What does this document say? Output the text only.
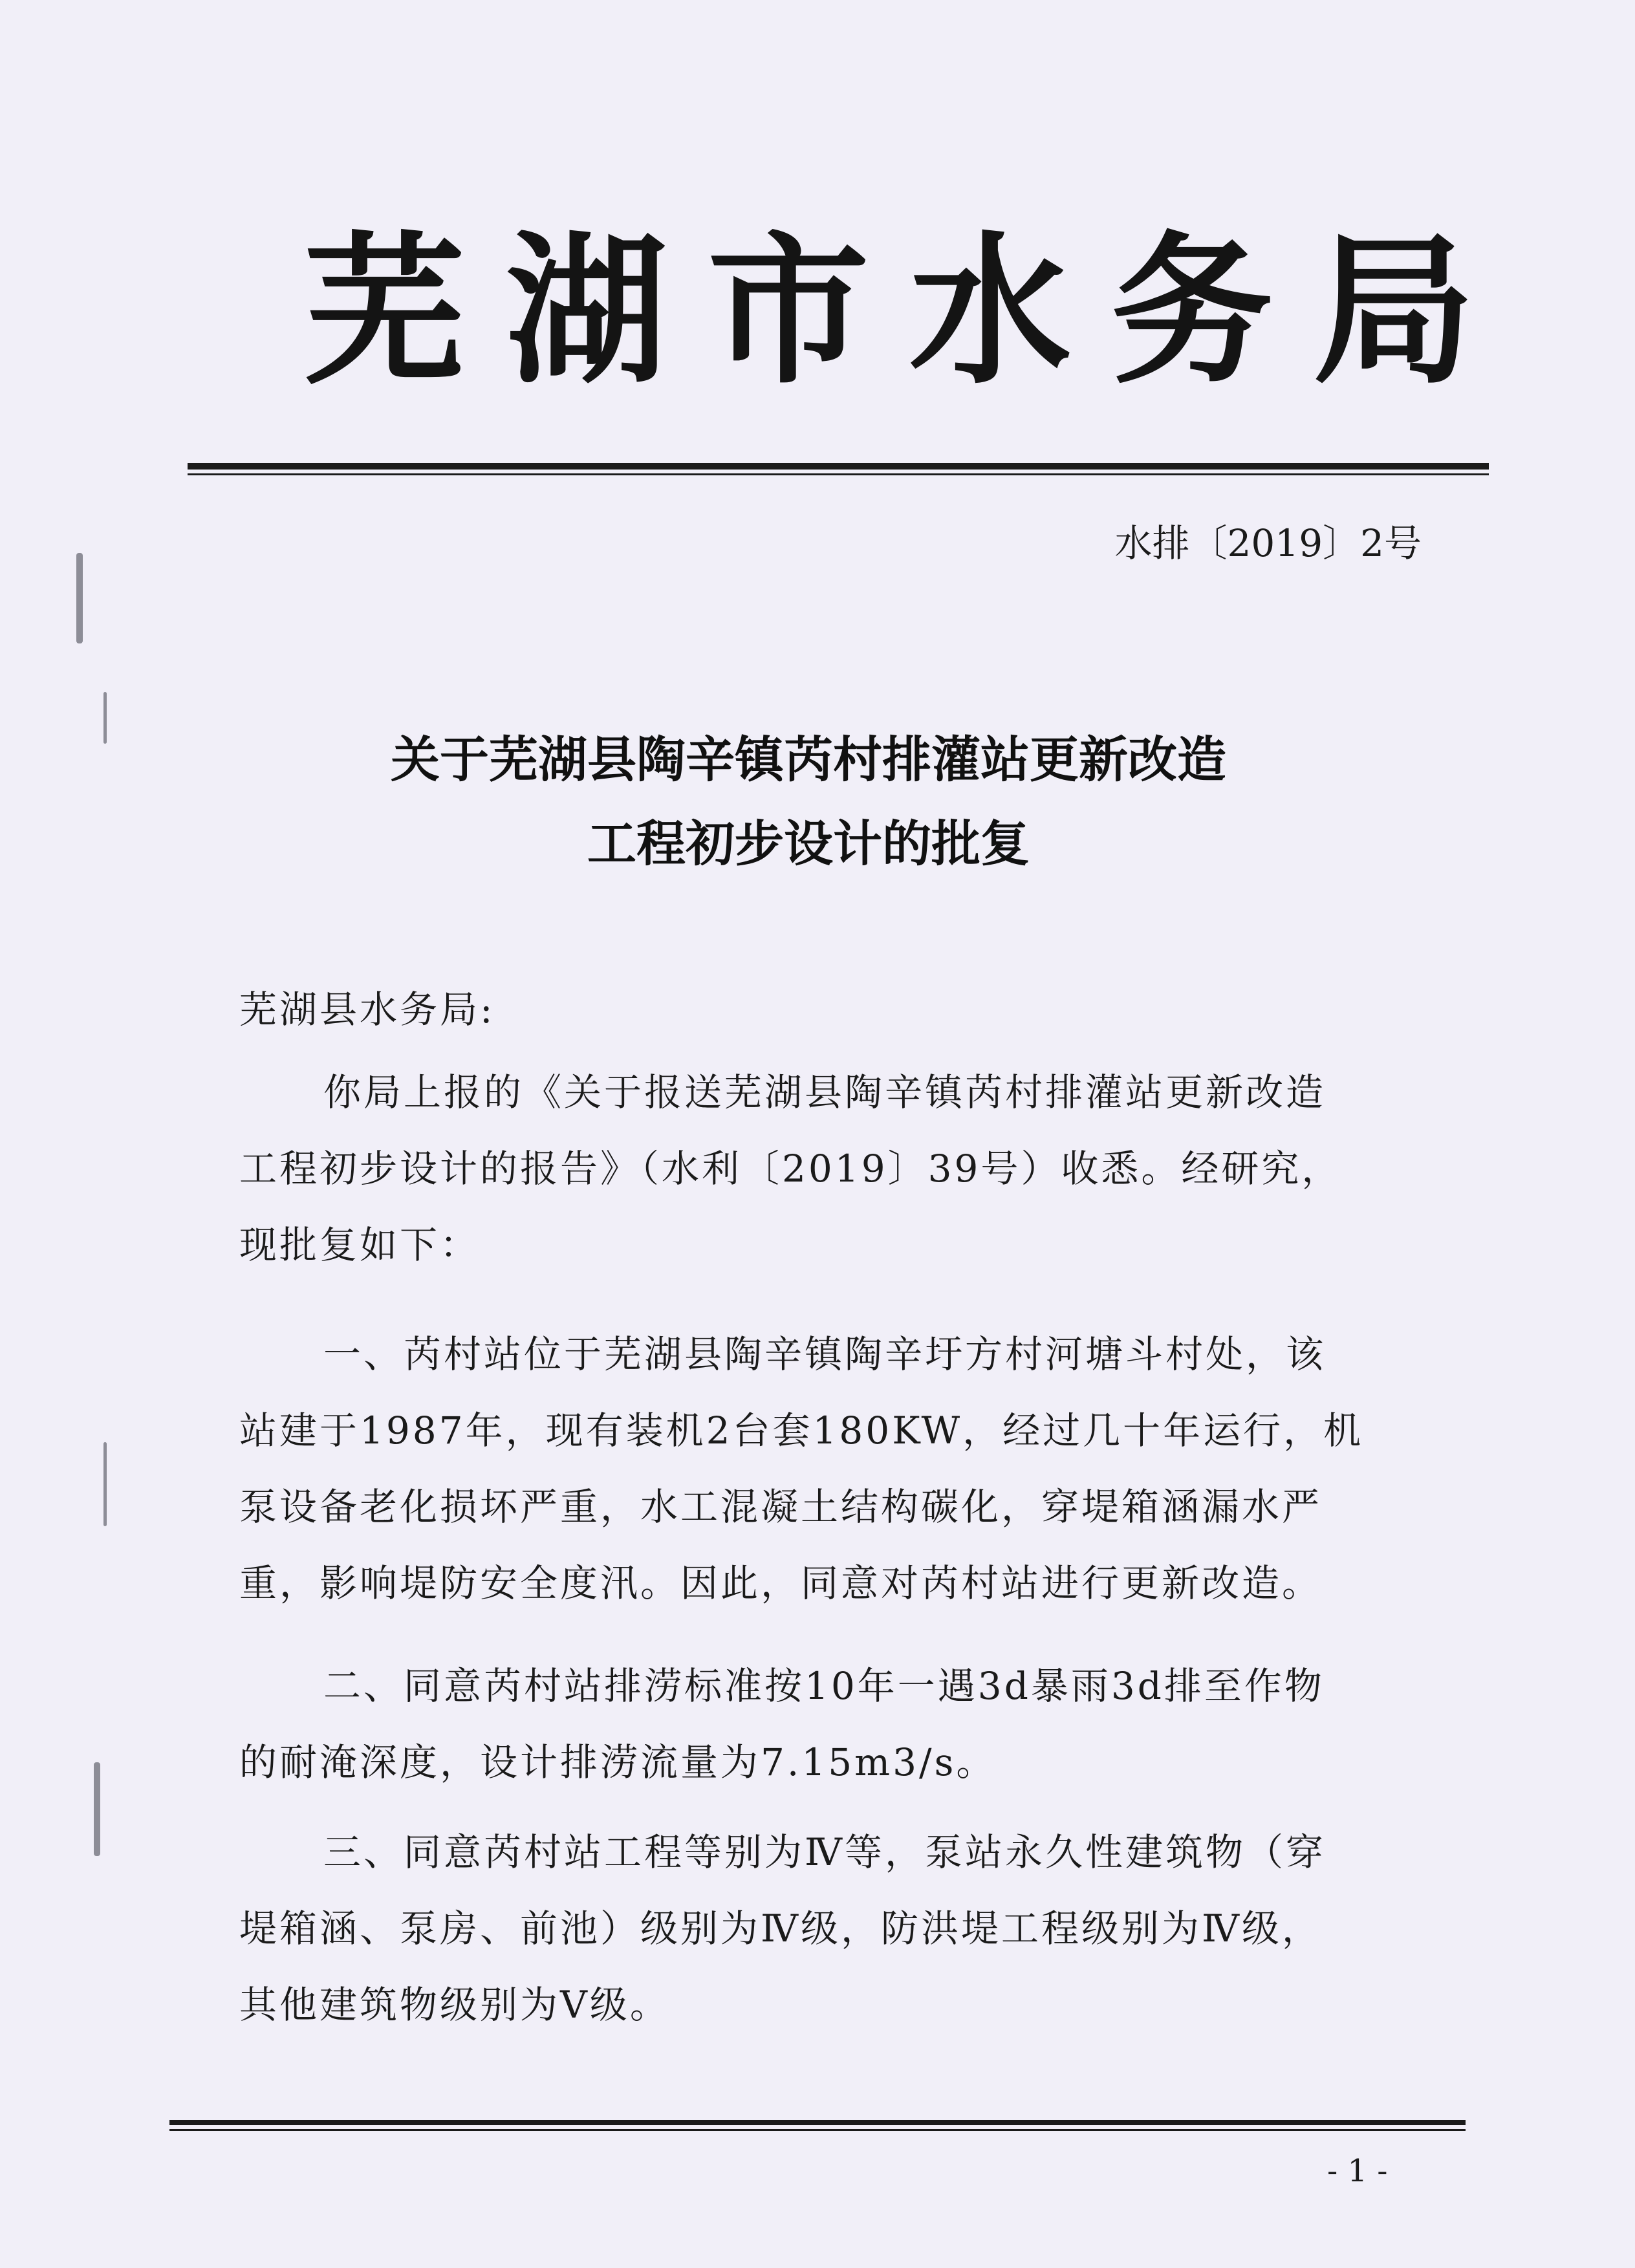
芜湖市水务局
水排〔2019〕2号
关于芜湖县陶辛镇芮村排灌站更新改造
工程初步设计的批复
芜湖县水务局:
你局上报的《关于报送芜湖县陶辛镇芮村排灌站更新改造
工程初步设计的报告》（水利〔2019〕39号）收悉。经研究，
现批复如下：
一、芮村站位于芜湖县陶辛镇陶辛圩方村河塘斗村处，该
站建于1987年，现有装机2台套180KW，经过几十年运行，机
泵设备老化损坏严重，水工混凝土结构碳化，穿堤箱涵漏水严
重，影响堤防安全度汛。因此，同意对芮村站进行更新改造。
二、同意芮村站排涝标准按10年一遇3d暴雨3d排至作物
的耐淹深度，设计排涝流量为7.15m3/s。
三、同意芮村站工程等别为Ⅳ等，泵站永久性建筑物（穿
堤箱涵、泵房、前池）级别为Ⅳ级，防洪堤工程级别为Ⅳ级，
其他建筑物级别为Ⅴ级。
- 1 -
